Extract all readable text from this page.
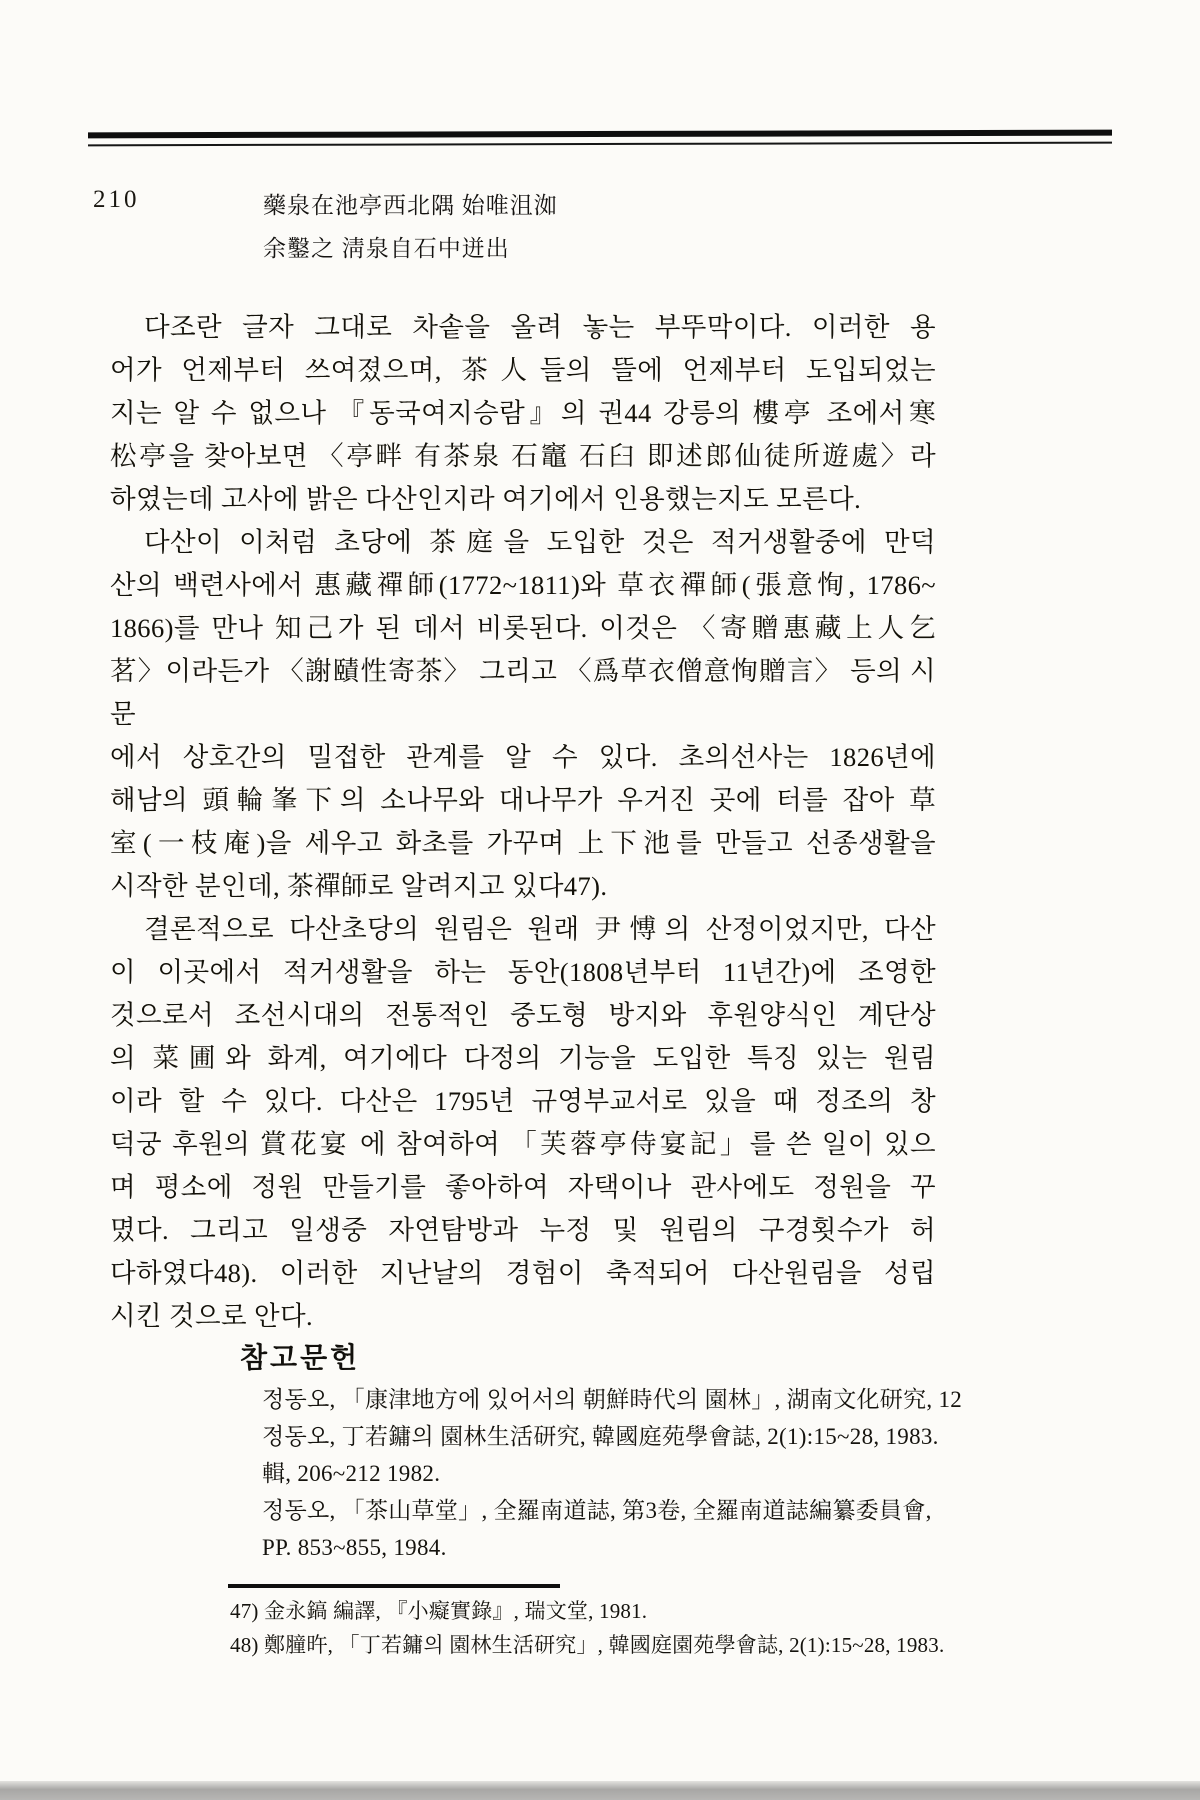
210	藥泉在池亭西北隅 始唯沮洳
余鑿之 淸泉自石中迸出
다조란 글자 그대로 차솥을 올려 놓는 부뚜막이다. 이러한 용
어가 언제부터 쓰여졌으며, 茶人들의 뜰에 언제부터 도입되었는
지는 알 수 없으나 『동국여지승람』의 권44 강릉의 樓亭 조에서寒
松亭을 찾아보면 〈亭畔 有茶泉 石竈 石臼 即述郎仙徒所遊處〉라
하였는데 고사에 밝은 다산인지라 여기에서 인용했는지도 모른다.
다산이 이처럼 초당에 茶庭을 도입한 것은 적거생활중에 만덕
산의 백련사에서 惠藏禪師(1772~1811)와 草衣禪師(張意恂, 1786~
1866)를 만나 知己가 된 데서 비롯된다. 이것은 〈寄贈惠藏上人乞
茗〉이라든가 〈謝賾性寄茶〉 그리고 〈爲草衣僧意恂贈言〉 등의 시문
에서 상호간의 밀접한 관계를 알 수 있다. 초의선사는 1826년에
해남의 頭輪峯下의 소나무와 대나무가 우거진 곳에 터를 잡아 草
室(一枝庵)을 세우고 화초를 가꾸며 上下池를 만들고 선종생활을
시작한 분인데, 茶禪師로 알려지고 있다47).
결론적으로 다산초당의 원림은 원래 尹愽의 산정이었지만, 다산
이 이곳에서 적거생활을 하는 동안(1808년부터 11년간)에 조영한
것으로서 조선시대의 전통적인 중도형 방지와 후원양식인 계단상
의 菜圃와 화계, 여기에다 다정의 기능을 도입한 특징 있는 원림
이라 할 수 있다. 다산은 1795년 규영부교서로 있을 때 정조의 창
덕궁 후원의 賞花宴 에 참여하여 「芙蓉亭侍宴記」를 쓴 일이 있으
며 평소에 정원 만들기를 좋아하여 자택이나 관사에도 정원을 꾸
몄다. 그리고 일생중 자연탐방과 누정 및 원림의 구경횟수가 허
다하였다48). 이러한 지난날의 경험이 축적되어 다산원림을 성립
시킨 것으로 안다.
참고문헌
정동오, 「康津地方에 있어서의 朝鮮時代의 園林」, 湖南文化研究, 12
정동오, 丁若鏞의 園林生活研究, 韓國庭苑學會誌, 2(1):15~28, 1983.
輯, 206~212 1982.
정동오, 「茶山草堂」, 全羅南道誌, 第3卷, 全羅南道誌編纂委員會,
PP. 853~855, 1984.
47) 金永鎬 編譯, 『小癡實錄』, 瑞文堂, 1981.
48) 鄭膧旿, 「丁若鏞의 園林生活研究」, 韓國庭園苑學會誌, 2(1):15~28, 1983.
